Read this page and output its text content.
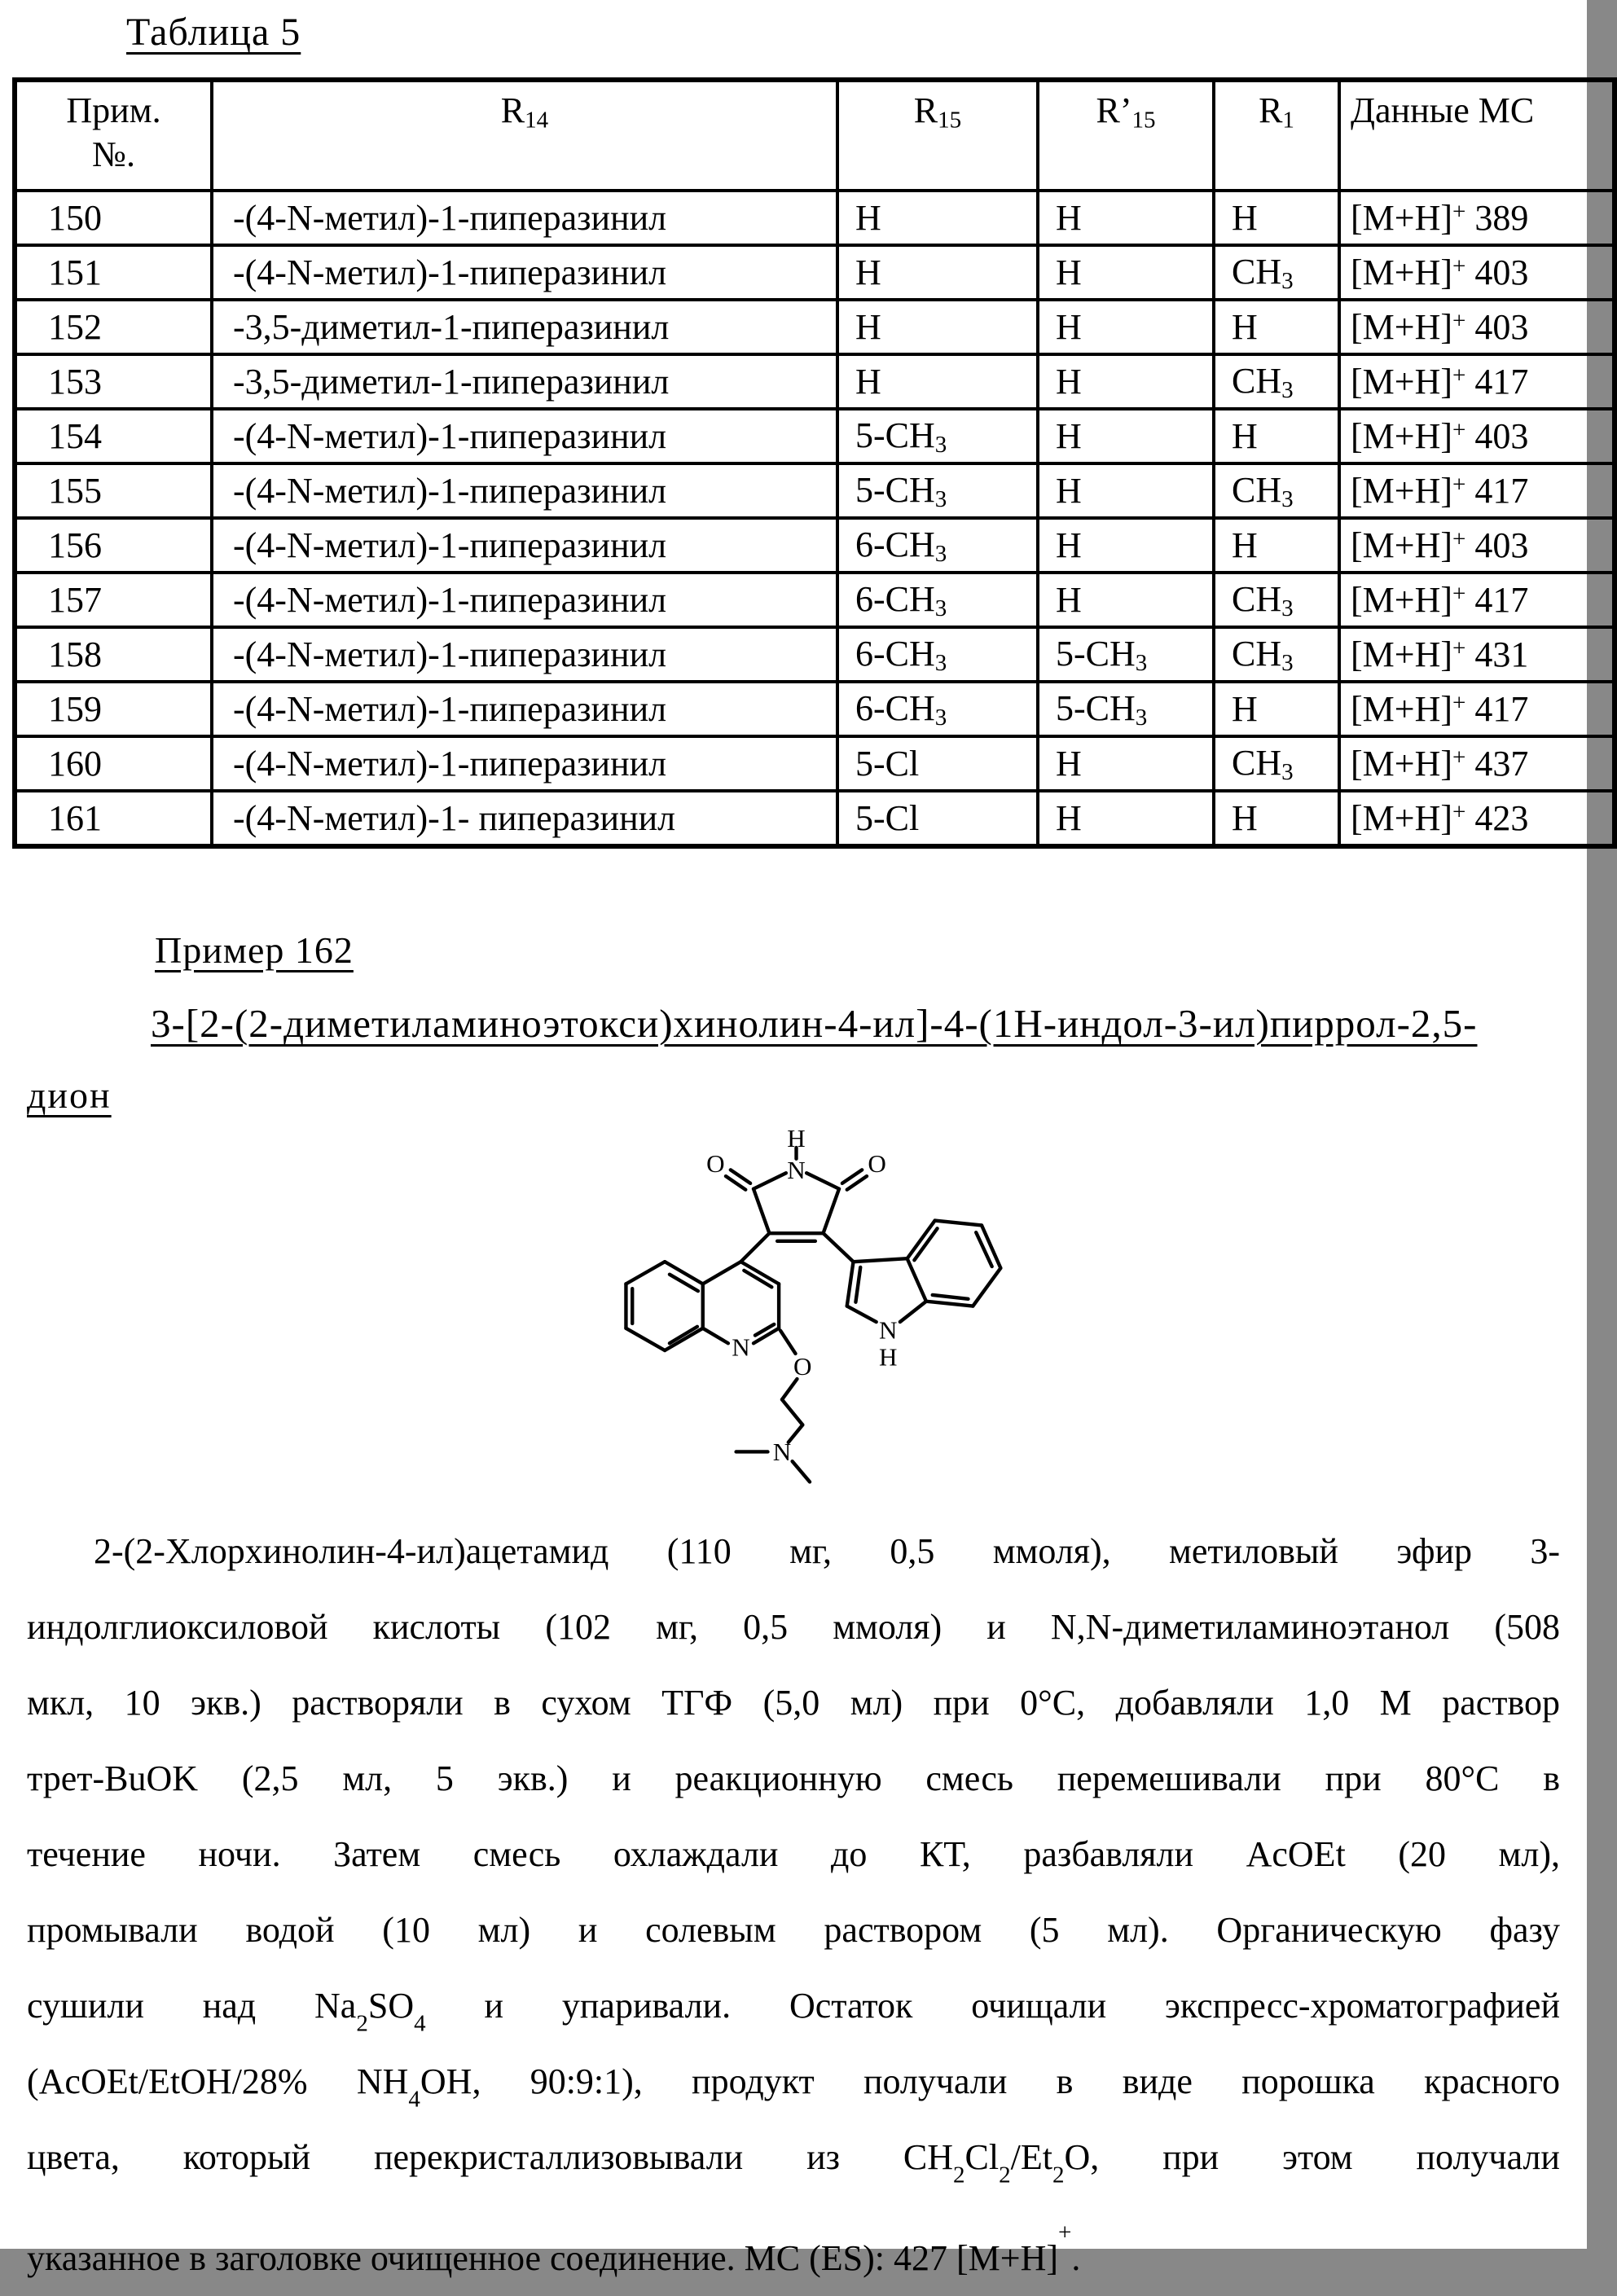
Таблица 5
Прим.
№.	$R_{14}$	$R_{15}$	$R’_{15}$	$R_1$	Данные МС
150	-(4-N-метил)-1-пиперазинил	H	H	H	[M+H]+ 389
151	-(4-N-метил)-1-пиперазинил	H	H	$CH_3$	[M+H]+ 403
152	-3,5-диметил-1-пиперазинил	H	H	H	[M+H]+ 403
153	-3,5-диметил-1-пиперазинил	H	H	$CH_3$	[M+H]+ 417
154	-(4-N-метил)-1-пиперазинил	$5-CH_3$	H	H	[M+H]+ 403
155	-(4-N-метил)-1-пиперазинил	$5-CH_3$	H	$CH_3$	[M+H]+ 417
156	-(4-N-метил)-1-пиперазинил	$6-CH_3$	H	H	[M+H]+ 403
157	-(4-N-метил)-1-пиперазинил	$6-CH_3$	H	$CH_3$	[M+H]+ 417
158	-(4-N-метил)-1-пиперазинил	$6-CH_3$	$5-CH_3$	$CH_3$	[M+H]+ 431
159	-(4-N-метил)-1-пиперазинил	$6-CH_3$	$5-CH_3$	H	[M+H]+ 417
160	-(4-N-метил)-1-пиперазинил	5-Cl	H	$CH_3$	[M+H]+ 437
161	-(4-N-метил)-1- пиперазинил	5-Cl	H	H	[M+H]+ 423
Пример 162
3-[2-(2-диметиламиноэтокси)хинолин-4-ил]-4-(1Н-индол-3-ил)пиррол-2,5-
дион
H
N
O	O
N
O
N
N
H
2-(2-Хлорхинолин-4-ил)ацетамид (110 мг, 0,5 ммоля), метиловый эфир 3-
индолглиоксиловой кислоты (102 мг, 0,5 ммоля) и N,N-диметиламиноэтанол (508
мкл, 10 экв.) растворяли в сухом ТГФ (5,0 мл) при 0°С, добавляли 1,0 М раствор
трет-BuOK (2,5 мл, 5 экв.) и реакционную смесь перемешивали при 80°С в
течение ночи. Затем смесь охлаждали до КТ, разбавляли AcOEt (20 мл),
промывали водой (10 мл) и солевым раствором (5 мл). Органическую фазу
сушили над $Na_2SO_4$ и упаривали. Остаток очищали экспресс-хроматографией
(AcOEt/EtOH/28% $NH_4OH$, 90:9:1), продукт получали в виде порошка красного
цвета, который перекристаллизовывали из $CH_2Cl_2/Et_2O$, при этом получали
указанное в заголовке очищенное соединение. МС (ES): 427 [M+H]+.
